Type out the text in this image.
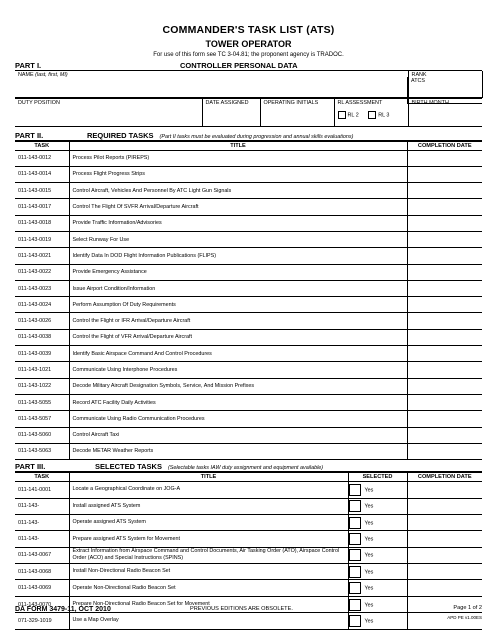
COMMANDER'S TASK LIST (ATS)
TOWER OPERATOR
For use of this form see TC 3-04.81; the proponent agency is TRADOC.
PART I.	CONTROLLER PERSONAL DATA
NAME (last, first, MI)	RANK
ATCS
DUTY POSITION	DATE ASSIGNED	OPERATING INITIALS	RL ASSESSMENT
RL 2	RL 3
	BIRTH MONTH
PART II.	REQUIRED TASKS (Part II tasks must be evaluated during progression and annual skills evaluations)
TASK	TITLE	COMPLETION DATE
011-143-0012	Process Pilot Reports (PIREPS)	
011-143-0014	Process Flight Progress Strips	
011-143-0015	Control Aircraft, Vehicles And Personnel By ATC Light Gun Signals	
011-143-0017	Control The Flight Of SVFR Arrival/Departure Aircraft	
011-143-0018	Provide Traffic Information/Advisories	
011-143-0019	Select Runway For Use	
011-143-0021	Identify Data In DOD Flight Information Publications (FLIPS)	
011-143-0022	Provide Emergency Assistance	
011-143-0023	Issue Airport Condition/Information	
011-143-0024	Perform Assumption Of Duty Requirements	
011-143-0026	Control the Flight or IFR Arrival/Departure Aircraft	
011-143-0038	Control the Flight of VFR Arrival/Departure Aircraft	
011-143-0039	Identify Basic Airspace Command And Control Procedures	
011-143-1021	Communicate Using Interphone Procedures	
011-143-1022	Decode Military Aircraft Designation Symbols, Service, And Mission Prefixes	
011-143-5055	Record ATC Facility Daily Activities	
011-143-5057	Communicate Using Radio Communication Procedures	
011-143-5060	Control Aircraft Taxi	
011-143-5063	Decode METAR Weather Reports	
PART III.	SELECTED TASKS (Selectable tasks IAW duty assignment and equipment available)
TASK	TITLE	SELECTED	COMPLETION DATE
011-141-0001	Locate a Geographical Coordinate on JOG-A	Yes	
011-143-	Install assigned ATS System	Yes	
011-143-	Operate assigned ATS System	Yes	
011-143-	Prepare assigned ATS System for Movement	Yes	
011-143-0067	Extract Information from Airspace Command and Control Documents, Air Tasking Order (ATO), Airspace Control Order (ACO) and Special Instructions (SPINS)	Yes	
011-143-0068	Install Non-Directional Radio Beacon Set	Yes	
011-143-0069	Operate Non-Directional Radio Beacon Set	Yes	
011-143-0070	Prepare Non-Directional Radio Beacon Set for Movement	Yes	
071-329-1019	Use a Map Overlay	Yes	
DA FORM 3479-11, OCT 2010	PREVIOUS EDITIONS ARE OBSOLETE.	Page 1 of 2
APD PE v1.00ES
